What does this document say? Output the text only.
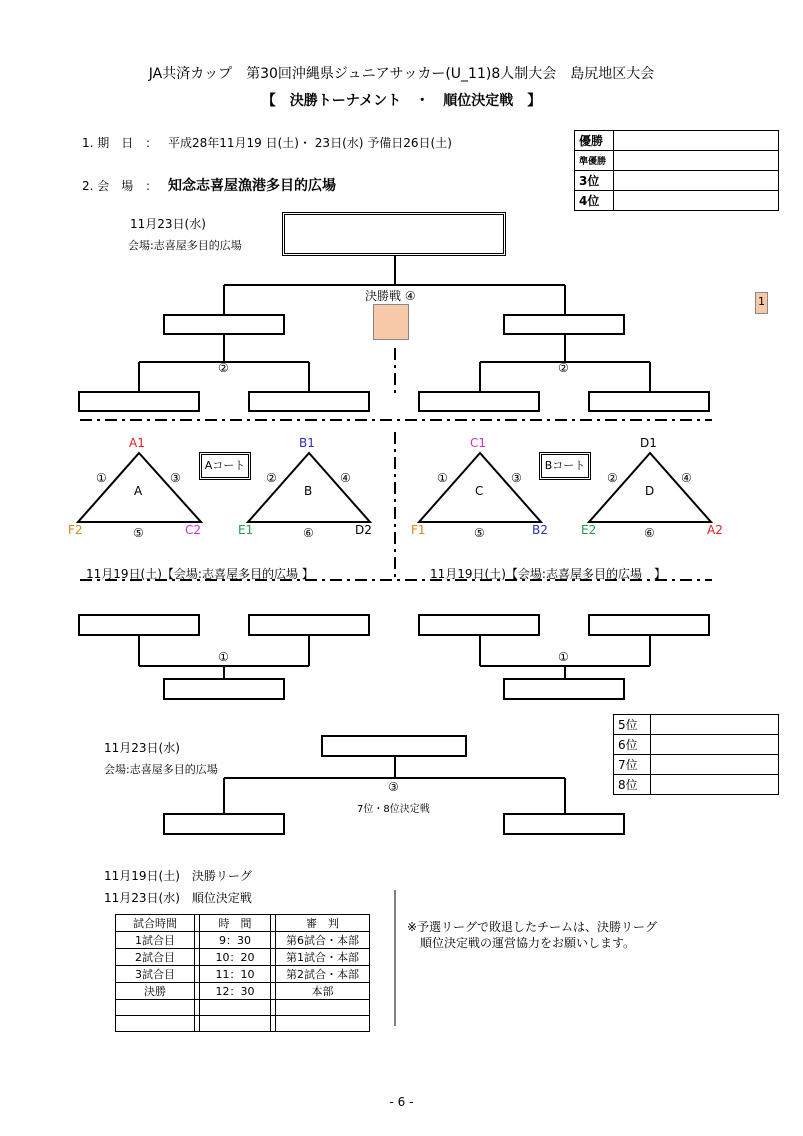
JA共済カップ　第30回沖縄県ジュニアサッカー(U_11)8人制大会　島尻地区大会
【　決勝トーナメント　・　順位決定戦　】
1. 期　日　： 平成28年11月19 日(土)・ 23日(水) 予備日26日(土)
2. 会　場　： 知念志喜屋漁港多目的広場
優勝	
準優勝	
3位	
4位	
11月23日(水)
会場:志喜屋多目的広場
決勝戦 ④	1
②	②
Aコート	Bコート
A1
A
①	③
⑤
F2	C2
B1
B
②	④
⑥
E1	D2
C1
C
①	③
⑤
F1	B2
D1
D
②	④
⑥
E2	A2
11月19日(土)【会場:志喜屋多目的広場 】	11月19日(土)【会場:志喜屋多目的広場　】
①	①
5位	
6位	
7位	
8位	
11月23日(水)
会場:志喜屋多目的広場
③
7位・8位決定戦
11月19日(土)　決勝リーグ
11月23日(水)　順位決定戦
※予選リーグで敗退したチームは、決勝リーグ
順位決定戦の運営協力をお願いします。
試合時間		時　間		審　判
1試合目		9：30		第6試合・本部
2試合目		10：20		第1試合・本部
3試合目		11：10		第2試合・本部
決勝		12：30		本部

- 6 -
